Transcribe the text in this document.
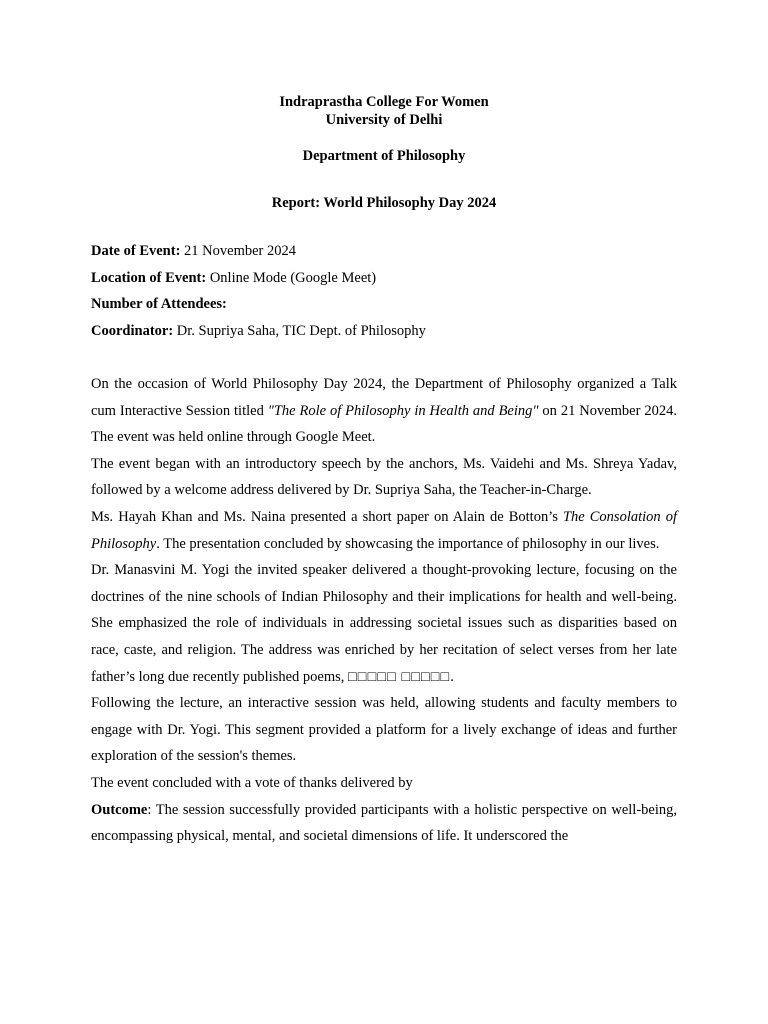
Indraprastha College For Women
University of Delhi
Department of Philosophy
Report: World Philosophy Day 2024
Date of Event: 21 November 2024
Location of Event: Online Mode (Google Meet)
Number of Attendees:
Coordinator: Dr. Supriya Saha, TIC Dept. of Philosophy

On the occasion of World Philosophy Day 2024, the Department of Philosophy organized a Talk cum Interactive Session titled "The Role of Philosophy in Health and Being" on 21 November 2024. The event was held online through Google Meet.

The event began with an introductory speech by the anchors, Ms. Vaidehi and Ms. Shreya Yadav, followed by a welcome address delivered by Dr. Supriya Saha, the Teacher-in-Charge.

Ms. Hayah Khan and Ms. Naina presented a short paper on Alain de Botton’s The Consolation of Philosophy. The presentation concluded by showcasing the importance of philosophy in our lives.

Dr. Manasvini M. Yogi the invited speaker delivered a thought-provoking lecture, focusing on the doctrines of the nine schools of Indian Philosophy and their implications for health and well-being. She emphasized the role of individuals in addressing societal issues such as disparities based on race, caste, and religion. The address was enriched by her recitation of select verses from her late father’s long due recently published poems, □□□□□ □□□□□.

Following the lecture, an interactive session was held, allowing students and faculty members to engage with Dr. Yogi. This segment provided a platform for a lively exchange of ideas and further exploration of the session's themes.

The event concluded with a vote of thanks delivered by

Outcome: The session successfully provided participants with a holistic perspective on well-being, encompassing physical, mental, and societal dimensions of life. It underscored the
